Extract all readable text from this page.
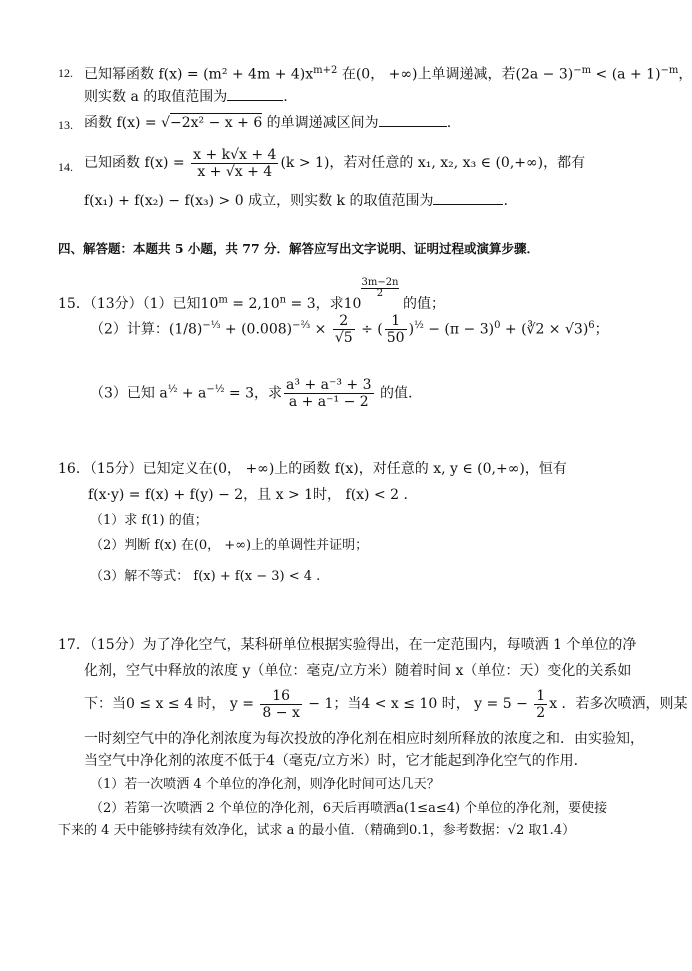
12. 已知幂函数 $f(x) = (m^2 + 4m + 4)x^{m+2}$ 在(0， +∞)上单调递减，若$(2a - 3)^{-m} < (a + 1)^{-m}$，
则实数 a 的取值范围为	.
13. 函数 f(x) = √−2x² − x + 6 的单调递减区间为	.
14. 已知函数 $f(x) = \frac{x + k√x + 4}{x + √x + 4} (k > 1)$，若对任意的 x₁, x₂, x₃ ∈ (0,+∞)，都有
f(x₁) + f(x₂) − f(x₃) > 0 成立，则实数 k 的取值范围为	.
四、解答题：本题共 5 小题，共 77 分．解答应写出文字说明、证明过程或演算步骤．
15．（13分）（1）已知$10^m = 2,10^n = 3$，求10
$\frac{3m-2n}{2}$
的值；
（2）计算：$(1/8)^{-\frac{1}{3}} + (0.008)^{-\frac{2}{3}} \times \frac{2}{√5}$ ÷ ( $\frac{1}{50} )^{\frac{1}{2}} - (\pi - 3)^0$ + (∛2 × √3)$^6$；
（3）已知 $a^{\frac{1}{2}} + a^{-\frac{1}{2}} = 3$，求 $\frac{\text{a³ + a⁻³ + 3}}{\text{a + a⁻¹ − 2}}$ 的值.
16．（15分）已知定义在(0， +∞)上的函数 f(x)，对任意的 x, y ∈ (0,+∞)，恒有
f(x·y) = f(x) + f(y) − 2，且 x > 1时， f(x) < 2 .
（1）求 f(1) 的值；
（2）判断 f(x) 在(0， +∞)上的单调性并证明；
（3）解不等式： f(x) + f(x − 3) < 4 .
17．（15分）为了净化空气，某科研单位根据实验得出，在一定范围内，每喷洒 1 个单位的净
化剂，空气中释放的浓度 y（单位：毫克/立方米）随着时间 x（单位：天）变化的关系如
下：当0 ≤ x ≤ 4 时， $y = \frac{16}{8 - x} - 1$；当4 < x ≤ 10 时， $y = 5 - \frac{1}{2}$ x ．若多次喷洒，则某
一时刻空气中的净化剂浓度为每次投放的净化剂在相应时刻所释放的浓度之和．由实验知，
当空气中净化剂的浓度不低于4（毫克/立方米）时，它才能起到净化空气的作用．
（1）若一次喷洒 4 个单位的净化剂，则净化时间可达几天？
（2）若第一次喷洒 2 个单位的净化剂，6天后再喷洒a(1≤a≤4) 个单位的净化剂，要使接
下来的 4 天中能够持续有效净化，试求 a 的最小值．（精确到0.1，参考数据：√2 取1.4）
